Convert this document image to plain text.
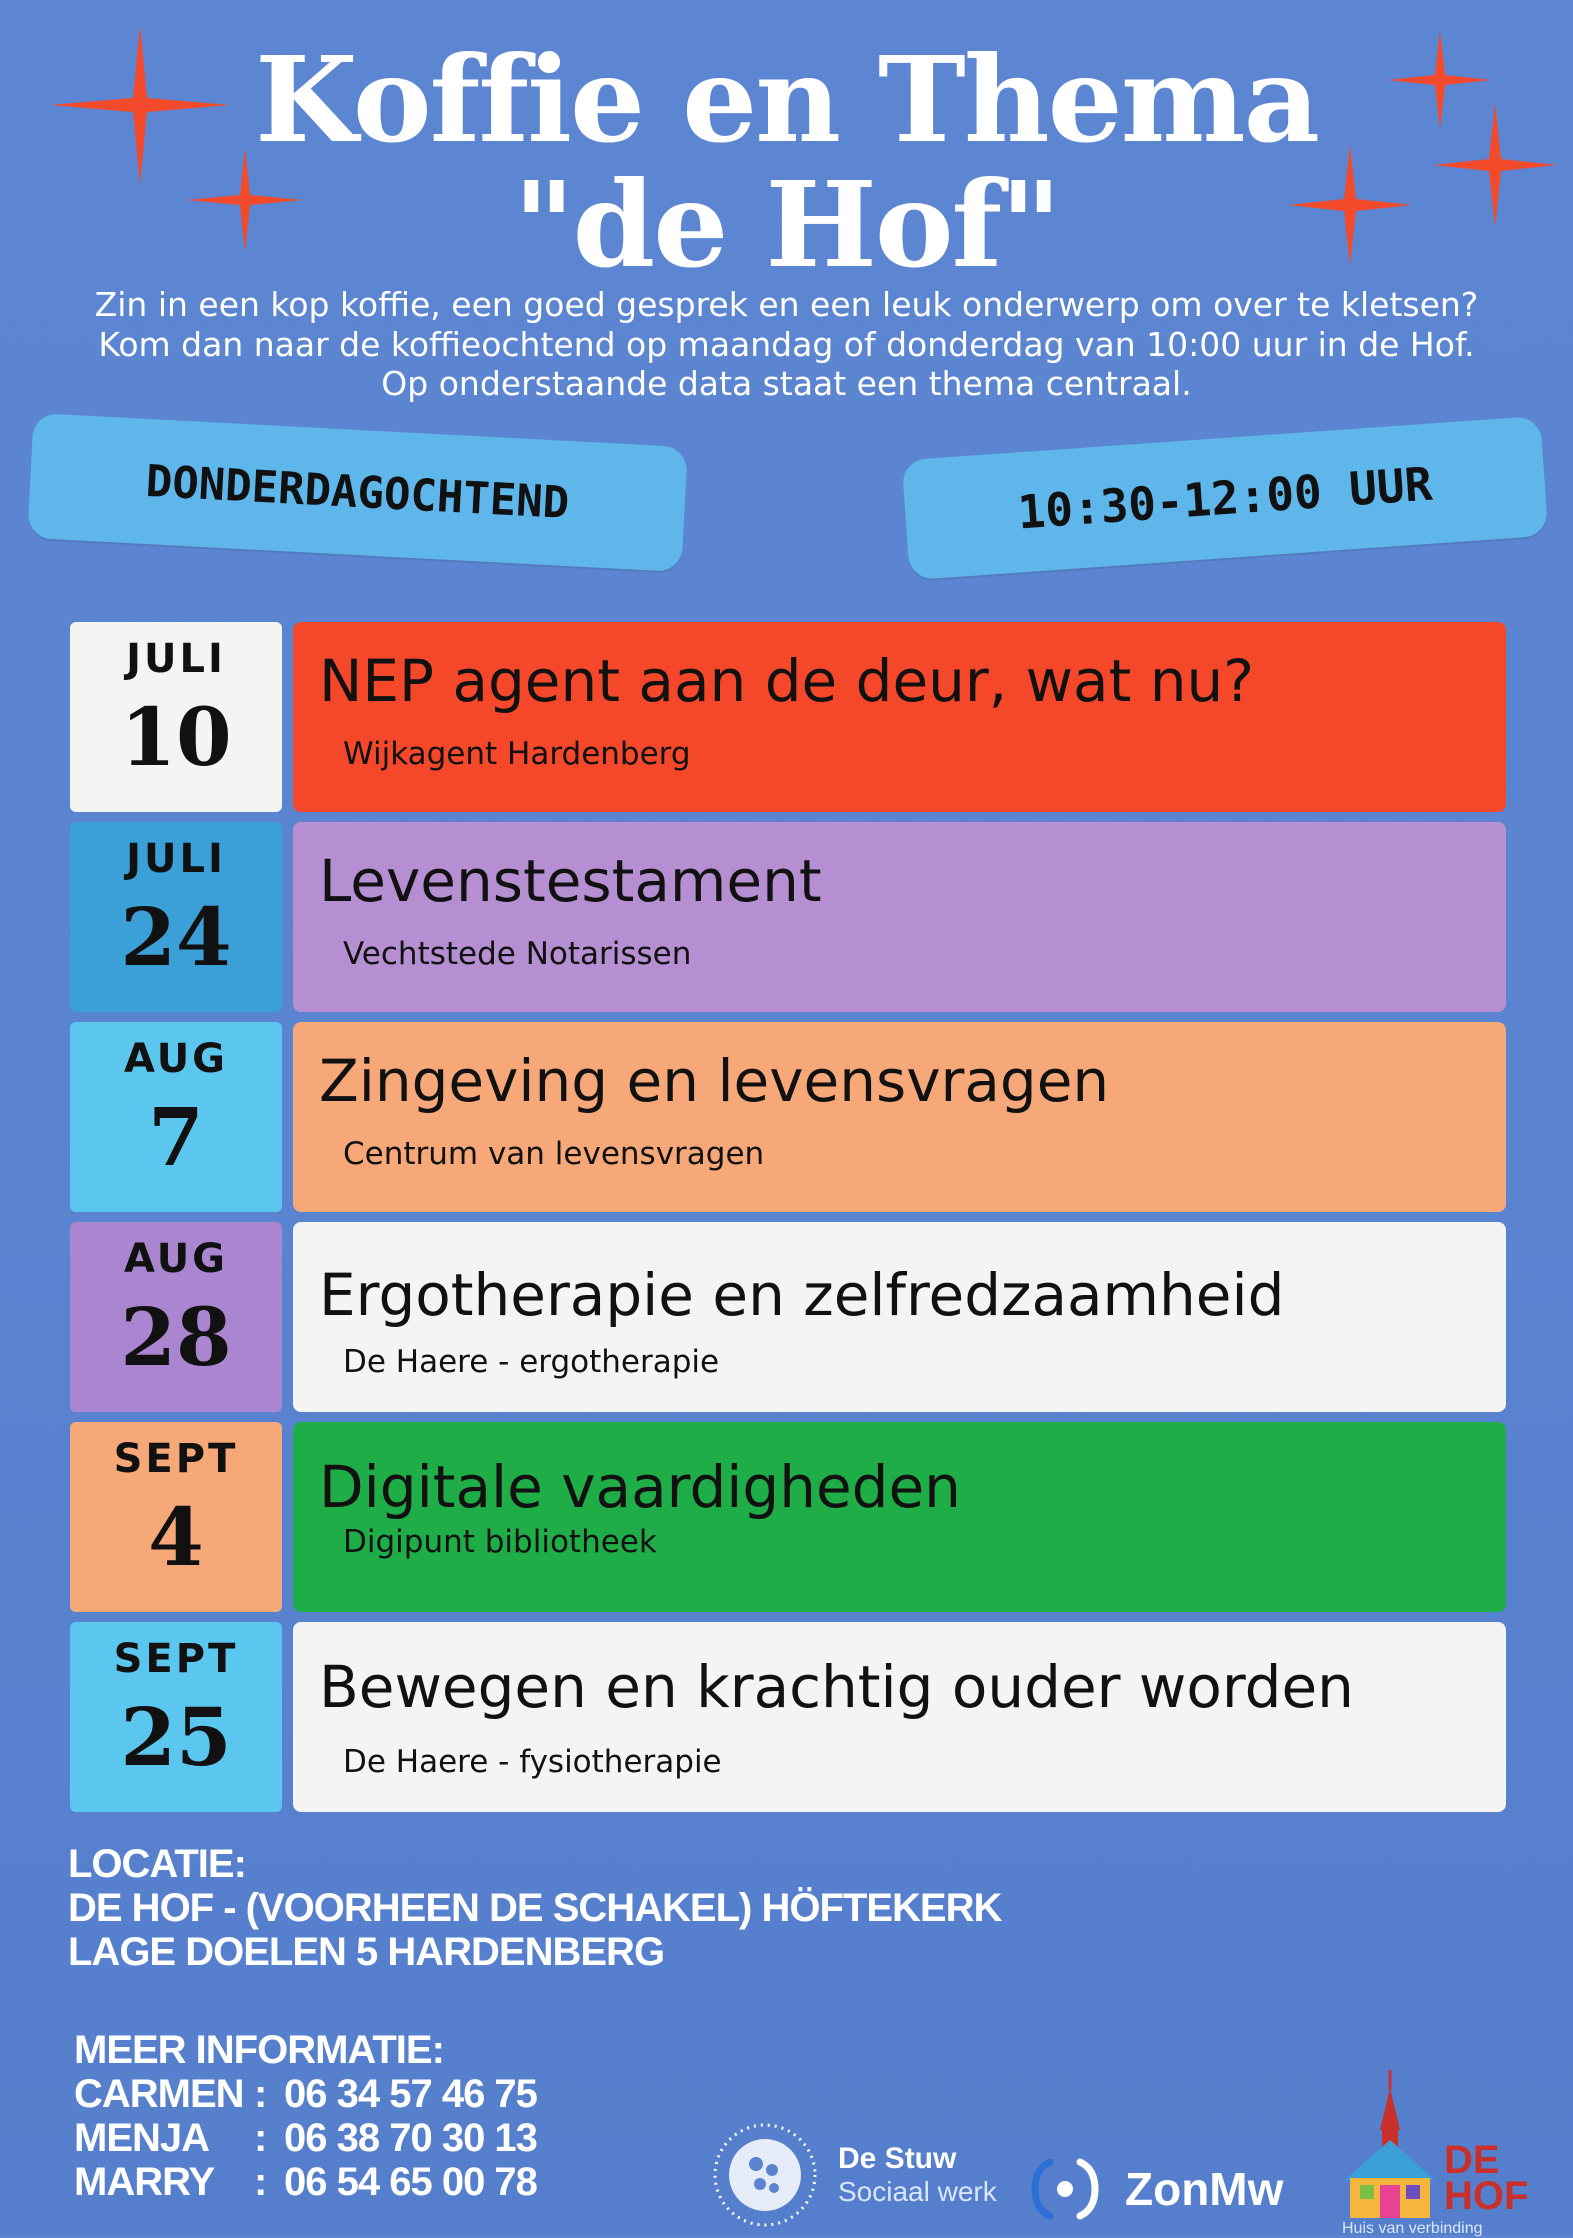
Koffie en Thema
"de Hof"
Zin in een kop koffie, een goed gesprek en een leuk onderwerp om over te kletsen?
Kom dan naar de koffieochtend op maandag of donderdag van 10:00 uur in de Hof.
Op onderstaande data staat een thema centraal.
DONDERDAGOCHTEND	10:30-12:00 UUR
JULI
10
NEP agent aan de deur, wat nu?
Wijkagent Hardenberg
JULI
24
Levenstestament
Vechtstede Notarissen
AUG
7
Zingeving en levensvragen
Centrum van levensvragen
AUG
28	Ergotherapie en zelfredzaamheid
De Haere - ergotherapie
SEPT
4
Digitale vaardigheden
Digipunt bibliotheek
SEPT
25
Bewegen en krachtig ouder worden
De Haere - fysiotherapie
LOCATIE:
DE HOF - (VOORHEEN DE SCHAKEL) HÖFTEKERK
LAGE DOELEN 5 HARDENBERG
MEER INFORMATIE:
CARMEN : 06 34 57 46 75
MENJA	: 06 38 70 30 13
MARRY : 06 54 65 00 78
De Stuw
Sociaal werk	ZonMw
DE
HOF
Huis van verbinding
